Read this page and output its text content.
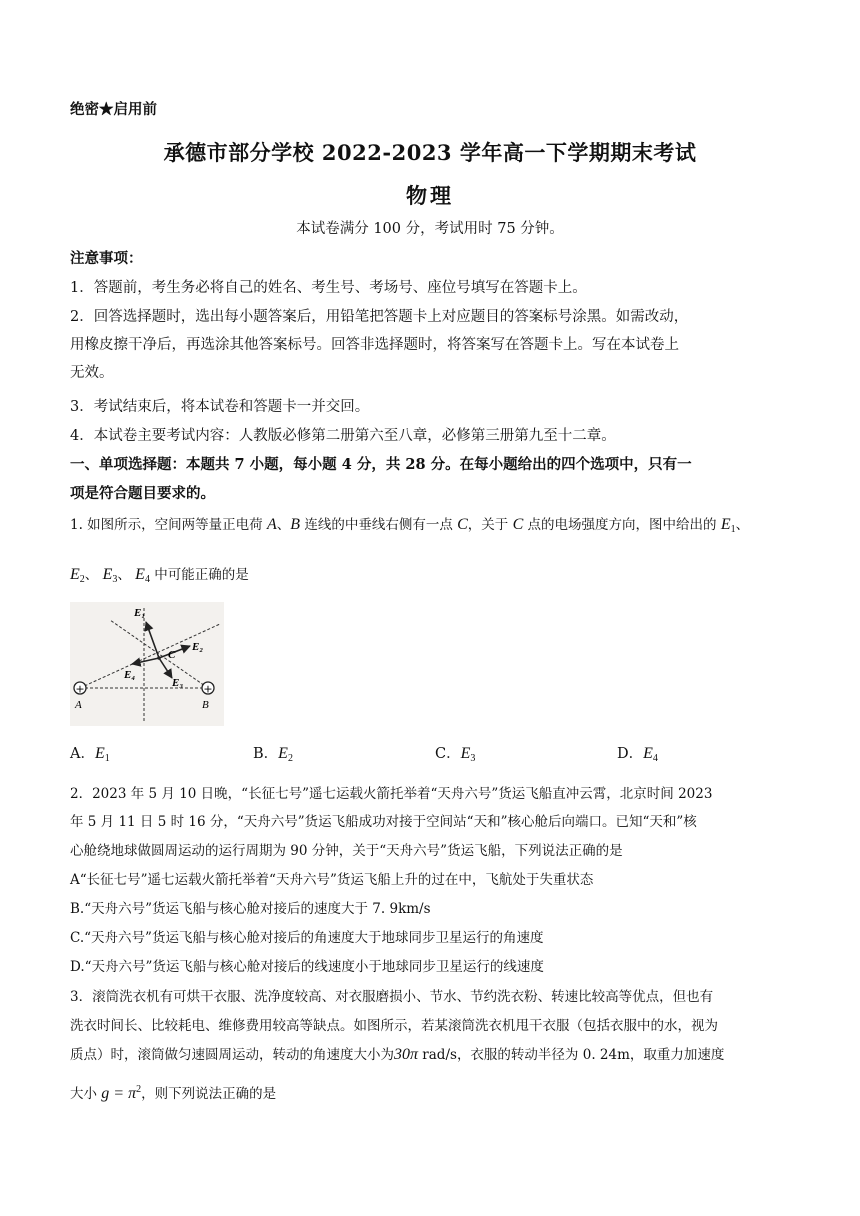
绝密★启用前
承德市部分学校 2022-2023 学年高一下学期期末考试
物理
本试卷满分 100 分，考试用时 75 分钟。
注意事项：
1．答题前，考生务必将自己的姓名、考生号、考场号、座位号填写在答题卡上。
2．回答选择题时，选出每小题答案后，用铅笔把答题卡上对应题目的答案标号涂黑。如需改动，
用橡皮擦干净后，再选涂其他答案标号。回答非选择题时，将答案写在答题卡上。写在本试卷上
无效。
3．考试结束后，将本试卷和答题卡一并交回。
4．本试卷主要考试内容：人教版必修第二册第六至八章，必修第三册第九至十二章。
一、单项选择题：本题共 7 小题，每小题 4 分，共 28 分。在每小题给出的四个选项中，只有一
项是符合题目要求的。
1. 如图所示，空间两等量正电荷 A、B 连线的中垂线右侧有一点 C，关于 C 点的电场强度方向，图中给出的 $E_1$、
$E_2$、 $E_3$、 $E_4$ 中可能正确的是
+	+
E₁
E₂
E₃
E₄
C
A	B
A．$E_1$	B．$E_2$	C．$E_3$	D．$E_4$
2．2023 年 5 月 10 日晚，“长征七号”遥七运载火箭托举着“天舟六号”货运飞船直冲云霄，北京时间 2023
年 5 月 11 日 5 时 16 分，“天舟六号”货运飞船成功对接于空间站“天和”核心舱后向端口。已知“天和”核
心舱绕地球做圆周运动的运行周期为 90 分钟，关于“天舟六号”货运飞船，下列说法正确的是
A“长征七号”遥七运载火箭托举着“天舟六号”货运飞船上升的过在中，飞航处于失重状态
B.“天舟六号”货运飞船与核心舱对接后的速度大于 7. 9km/s
C.“天舟六号”货运飞船与核心舱对接后的角速度大于地球同步卫星运行的角速度
D.“天舟六号”货运飞船与核心舱对接后的线速度小于地球同步卫星运行的线速度
3．滚筒洗衣机有可烘干衣服、洗净度较高、对衣服磨损小、节水、节约洗衣粉、转速比较高等优点，但也有
洗衣时间长、比较耗电、维修费用较高等缺点。如图所示，若某滚筒洗衣机甩干衣服（包括衣服中的水，视为
质点）时，滚筒做匀速圆周运动，转动的角速度大小为30π rad/s，衣服的转动半径为 0. 24m，取重力加速度
大小 $g = \pi^2$，则下列说法正确的是
